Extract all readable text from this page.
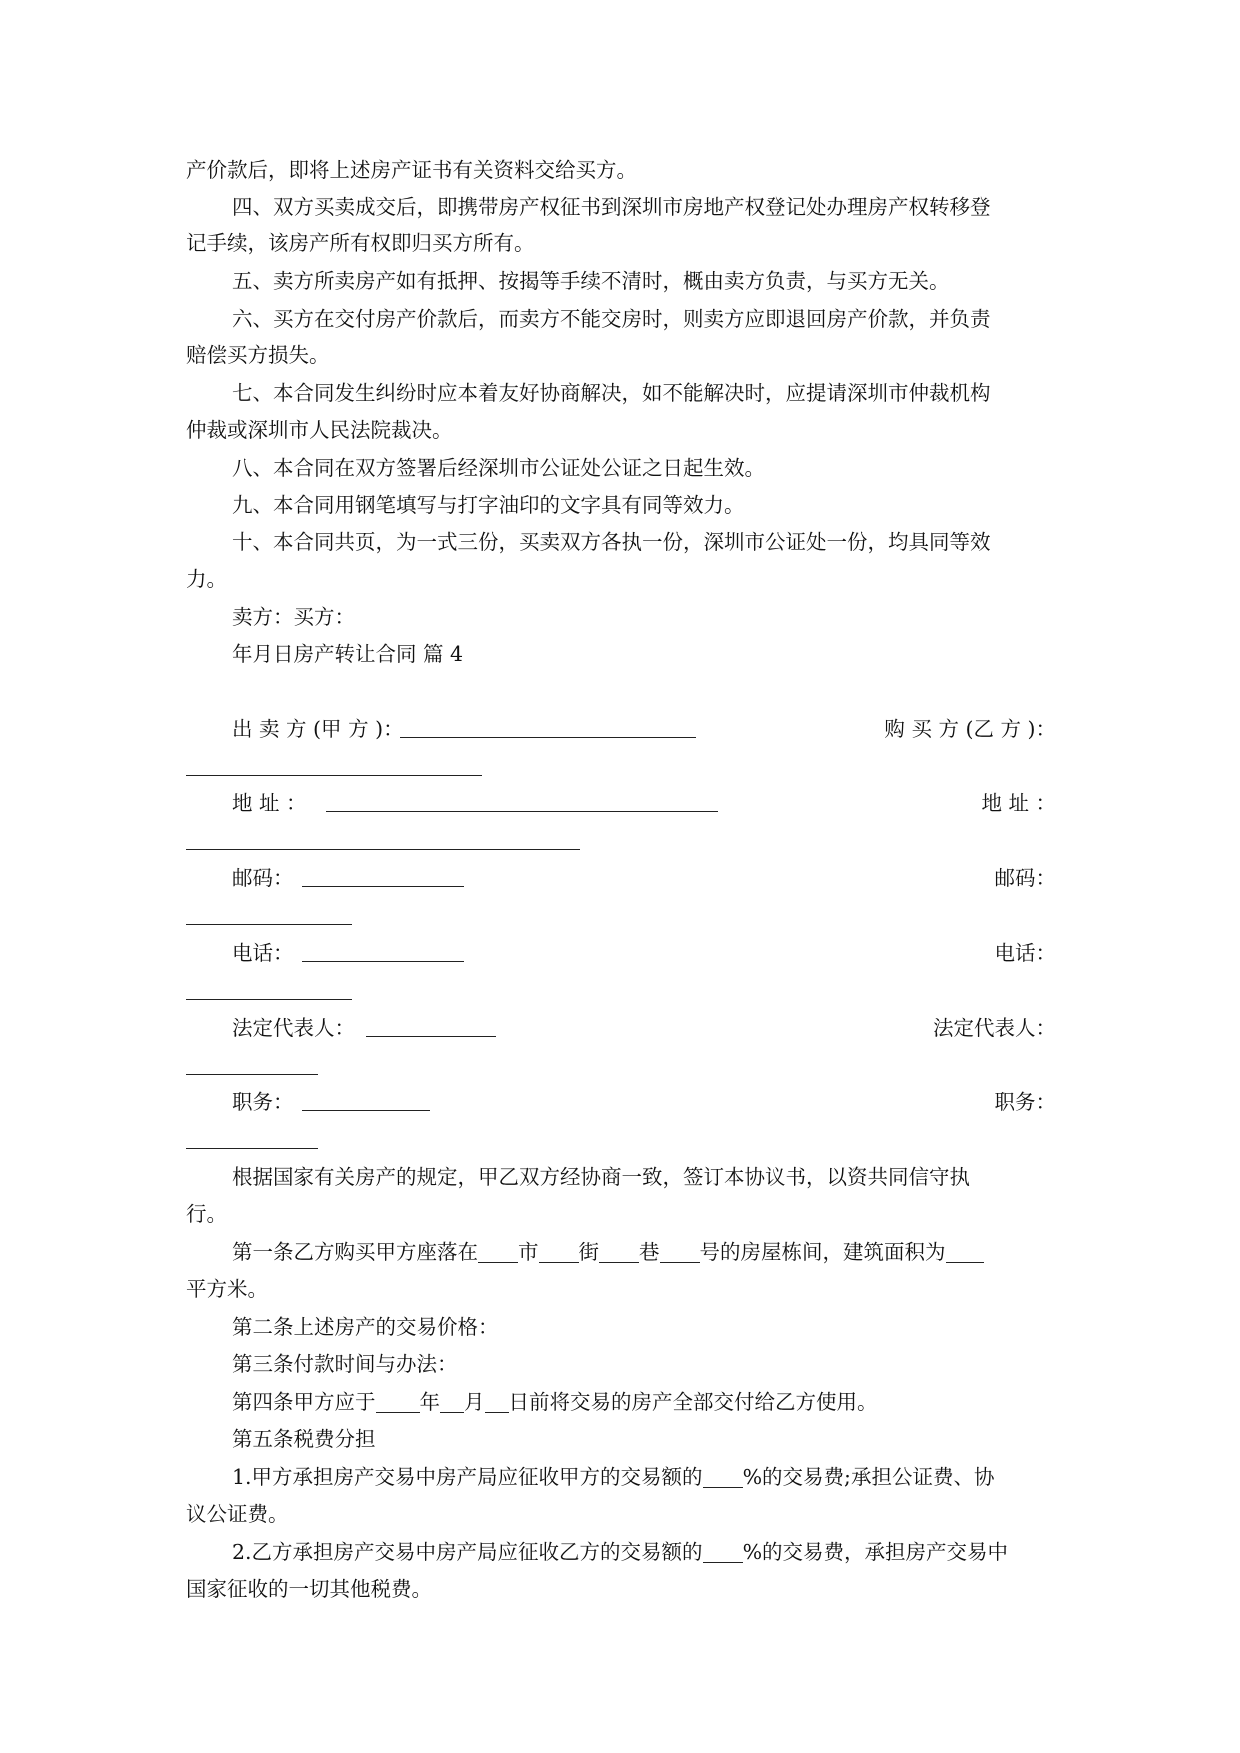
产价款后，即将上述房产证书有关资料交给买方。
四、双方买卖成交后，即携带房产权征书到深圳市房地产权登记处办理房产权转移登
记手续，该房产所有权即归买方所有。
五、卖方所卖房产如有抵押、按揭等手续不清时，概由卖方负责，与买方无关。
六、买方在交付房产价款后，而卖方不能交房时，则卖方应即退回房产价款，并负责
赔偿买方损失。
七、本合同发生纠纷时应本着友好协商解决，如不能解决时，应提请深圳市仲裁机构
仲裁或深圳市人民法院裁决。
八、本合同在双方签署后经深圳市公证处公证之日起生效。
九、本合同用钢笔填写与打字油印的文字具有同等效力。
十、本合同共页，为一式三份，买卖双方各执一份，深圳市公证处一份，均具同等效
力。
卖方：买方：
年月日房产转让合同 篇 4
出 卖 方 (甲 方 )：	购 买 方 (乙 方 )：
地 址 ：	地 址 ：
邮码：	邮码：
电话：	电话：
法定代表人：	法定代表人：
职务：	职务：
根据国家有关房产的规定，甲乙双方经协商一致，签订本协议书，以资共同信守执
行。
第一条乙方购买甲方座落在 市 街 巷 号的房屋栋间，建筑面积为
平方米。
第二条上述房产的交易价格：
第三条付款时间与办法：
第四条甲方应于 年 月 日前将交易的房产全部交付给乙方使用。
第五条税费分担
1.甲方承担房产交易中房产局应征收甲方的交易额的 %的交易费;承担公证费、协
议公证费。
2.乙方承担房产交易中房产局应征收乙方的交易额的 %的交易费，承担房产交易中
国家征收的一切其他税费。
